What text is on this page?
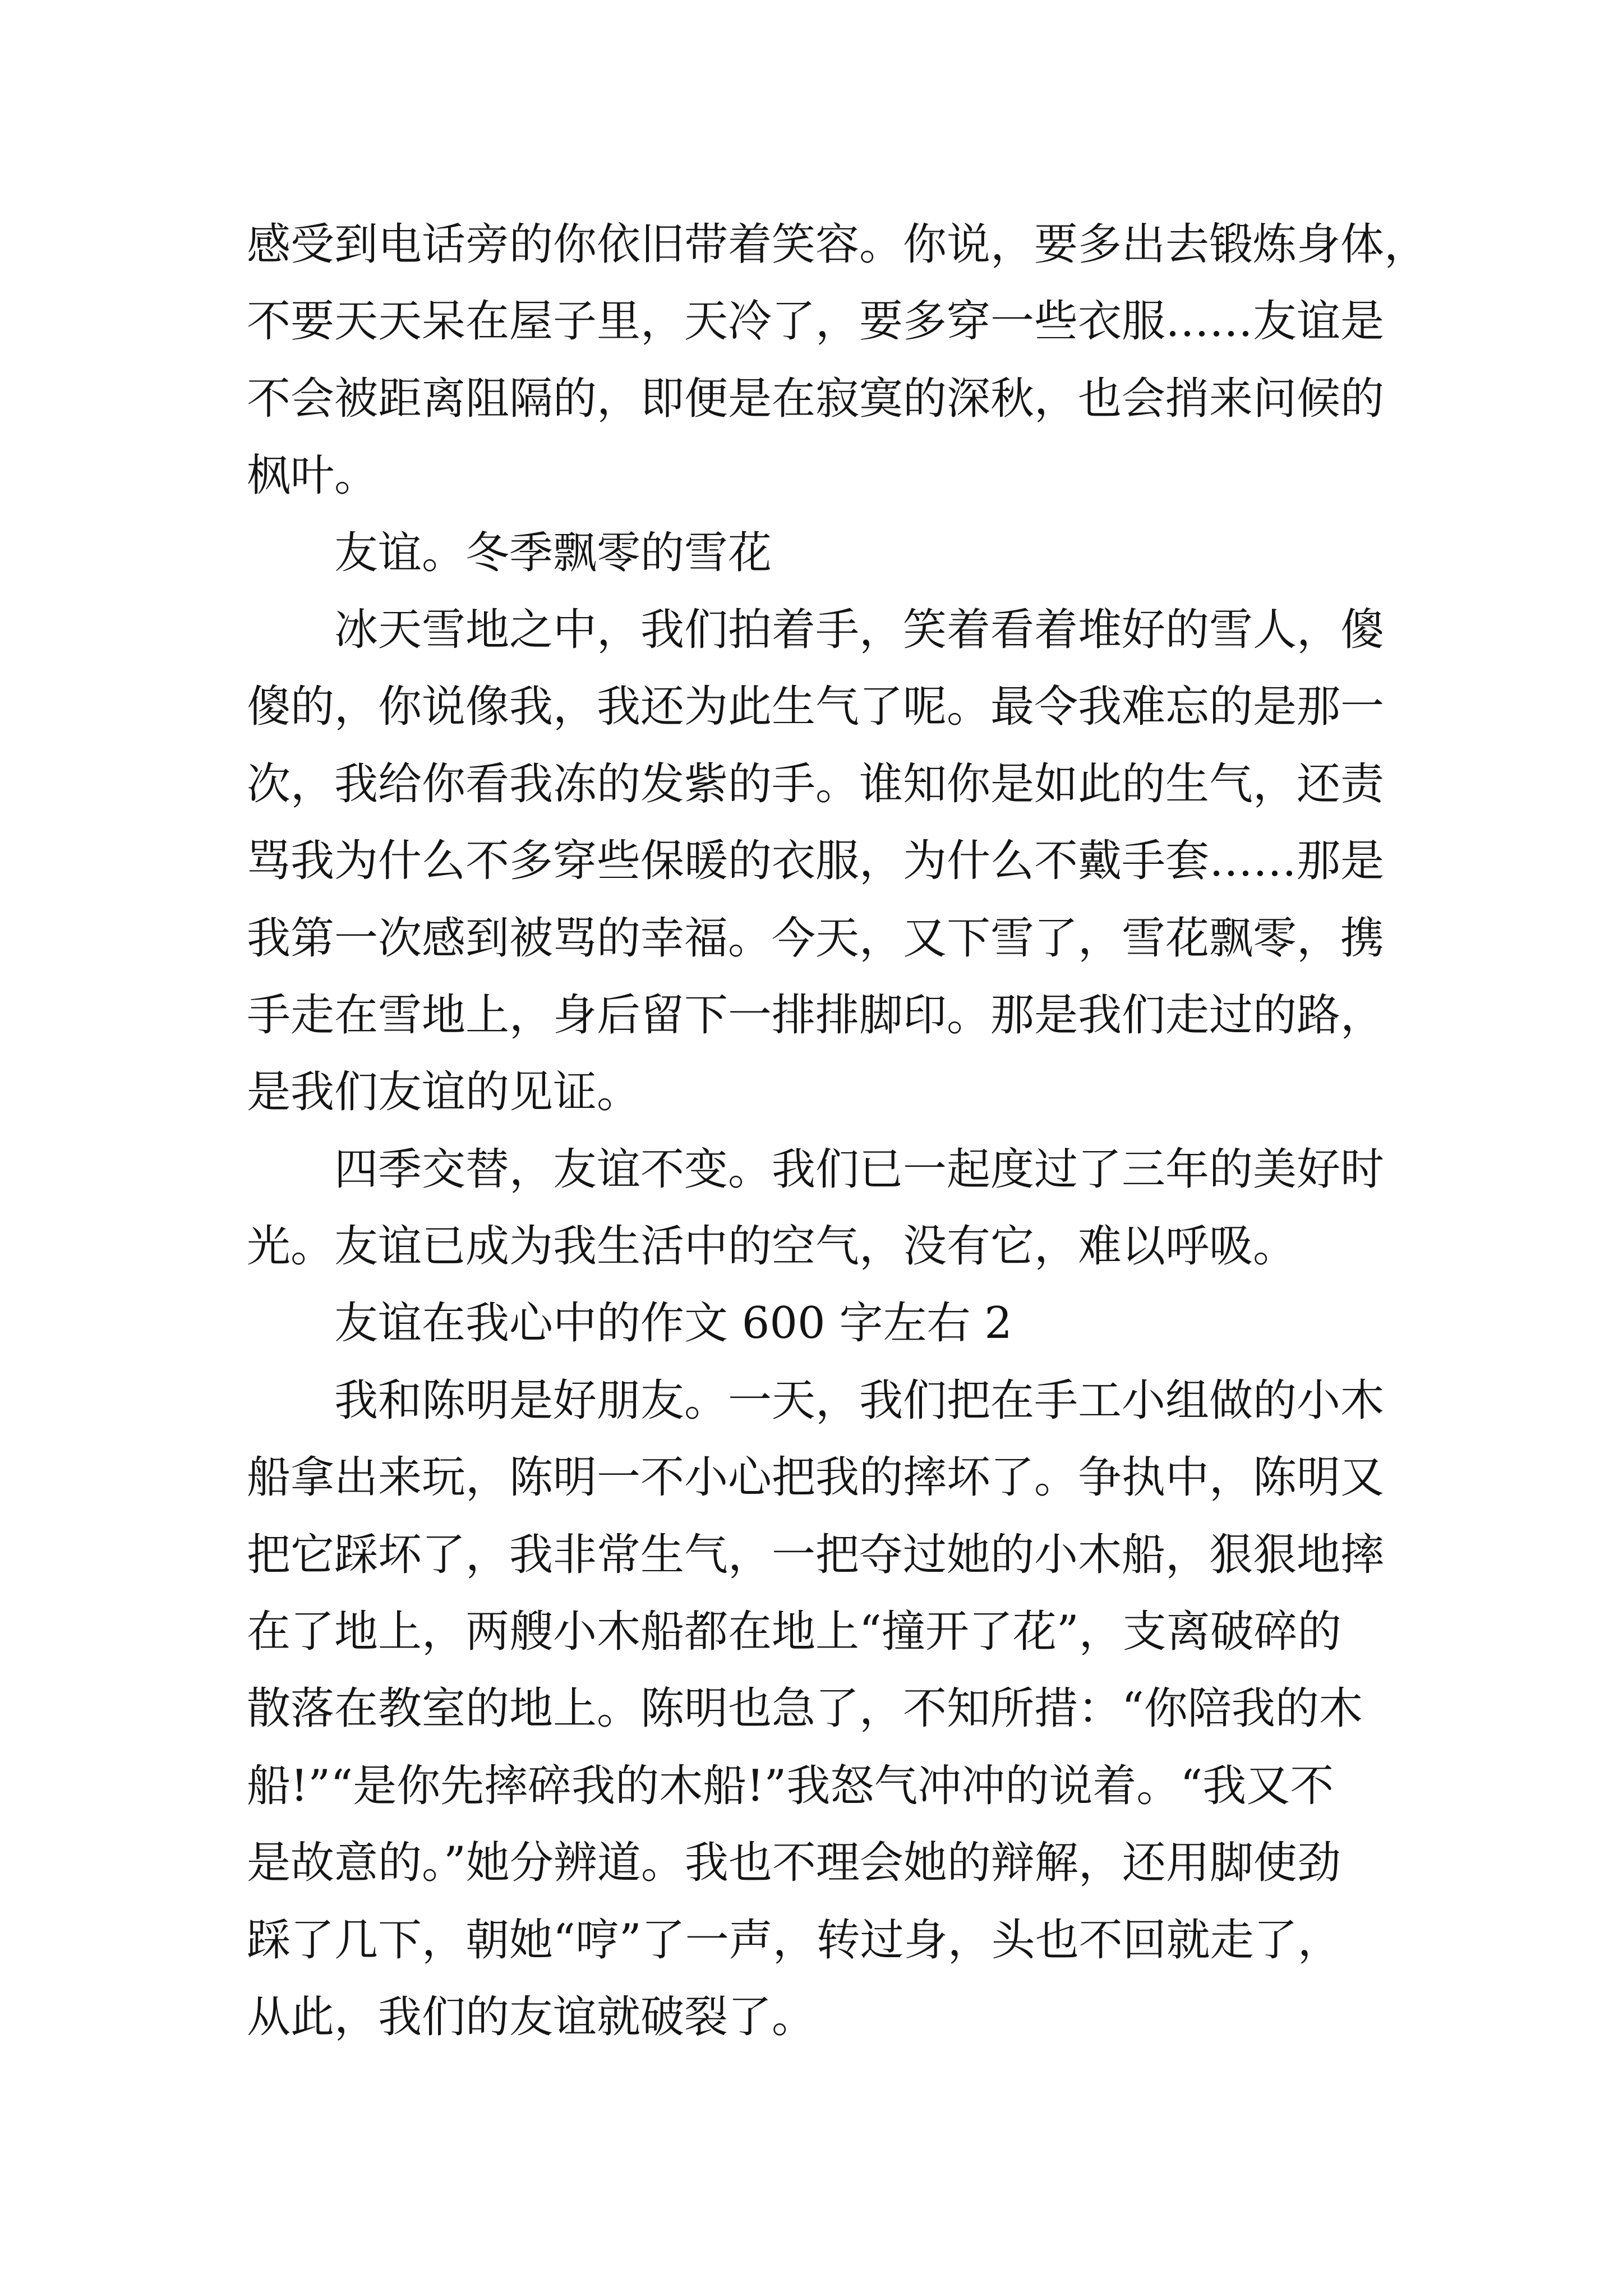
感受到电话旁的你依旧带着笑容。你说，要多出去锻炼身体，
不要天天呆在屋子里，天冷了，要多穿一些衣服……友谊是
不会被距离阻隔的，即便是在寂寞的深秋，也会捎来问候的
枫叶。
友谊。冬季飘零的雪花
冰天雪地之中，我们拍着手，笑着看着堆好的雪人，傻
傻的，你说像我，我还为此生气了呢。最令我难忘的是那一
次，我给你看我冻的发紫的手。谁知你是如此的生气，还责
骂我为什么不多穿些保暖的衣服，为什么不戴手套……那是
我第一次感到被骂的幸福。今天，又下雪了，雪花飘零，携
手走在雪地上，身后留下一排排脚印。那是我们走过的路，
是我们友谊的见证。
四季交替，友谊不变。我们已一起度过了三年的美好时
光。友谊已成为我生活中的空气，没有它，难以呼吸。
友谊在我心中的作文 600 字左右 2
我和陈明是好朋友。一天，我们把在手工小组做的小木
船拿出来玩，陈明一不小心把我的摔坏了。争执中，陈明又
把它踩坏了，我非常生气，一把夺过她的小木船，狠狠地摔
在了地上，两艘小木船都在地上“撞开了花”，支离破碎的
散落在教室的地上。陈明也急了，不知所措：“你陪我的木
船!”“是你先摔碎我的木船!”我怒气冲冲的说着。“我又不
是故意的。”她分辨道。我也不理会她的辩解，还用脚使劲
踩了几下，朝她“哼”了一声，转过身，头也不回就走了，
从此，我们的友谊就破裂了。
